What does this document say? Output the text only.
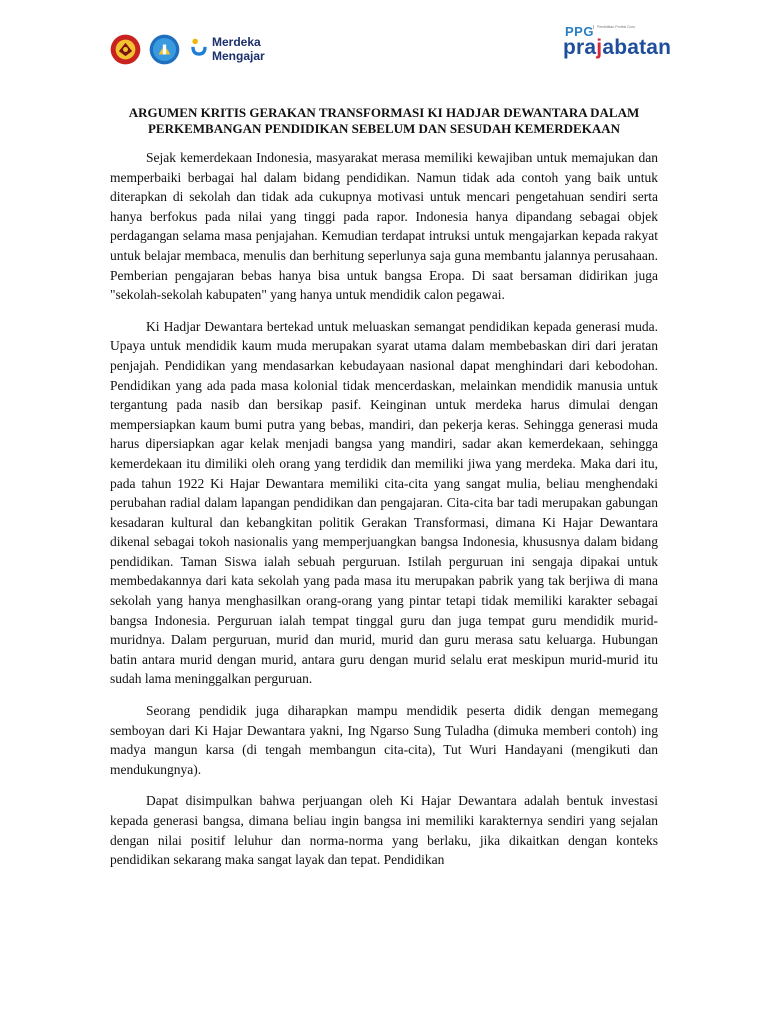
Merdeka
Mengajar
PPG Pendidikan Profesi Guru
prajabatan
ARGUMEN KRITIS GERAKAN TRANSFORMASI KI HADJAR DEWANTARA DALAM PERKEMBANGAN PENDIDIKAN SEBELUM DAN SESUDAH KEMERDEKAAN

Sejak kemerdekaan Indonesia, masyarakat merasa memiliki kewajiban untuk memajukan dan memperbaiki berbagai hal dalam bidang pendidikan. Namun tidak ada contoh yang baik untuk diterapkan di sekolah dan tidak ada cukupnya motivasi untuk mencari pengetahuan sendiri serta hanya berfokus pada nilai yang tinggi pada rapor. Indonesia hanya dipandang sebagai objek perdagangan selama masa penjajahan. Kemudian terdapat intruksi untuk mengajarkan kepada rakyat untuk belajar membaca, menulis dan berhitung seperlunya saja guna membantu jalannya perusahaan. Pemberian pengajaran bebas hanya bisa untuk bangsa Eropa. Di saat bersaman didirikan juga "sekolah-sekolah kabupaten" yang hanya untuk mendidik calon pegawai.

Ki Hadjar Dewantara bertekad untuk meluaskan semangat pendidikan kepada generasi muda. Upaya untuk mendidik kaum muda merupakan syarat utama dalam membebaskan diri dari jeratan penjajah. Pendidikan yang mendasarkan kebudayaan nasional dapat menghindari dari kebodohan. Pendidikan yang ada pada masa kolonial tidak mencerdaskan, melainkan mendidik manusia untuk tergantung pada nasib dan bersikap pasif. Keinginan untuk merdeka harus dimulai dengan mempersiapkan kaum bumi putra yang bebas, mandiri, dan pekerja keras. Sehingga generasi muda harus dipersiapkan agar kelak menjadi bangsa yang mandiri, sadar akan kemerdekaan, sehingga kemerdekaan itu dimiliki oleh orang yang terdidik dan memiliki jiwa yang merdeka. Maka dari itu, pada tahun 1922 Ki Hajar Dewantara memiliki cita-cita yang sangat mulia, beliau menghendaki perubahan radial dalam lapangan pendidikan dan pengajaran. Cita-cita bar tadi merupakan gabungan kesadaran kultural dan kebangkitan politik Gerakan Transformasi, dimana Ki Hajar Dewantara dikenal sebagai tokoh nasionalis yang memperjuangkan bangsa Indonesia, khususnya dalam bidang pendidikan. Taman Siswa ialah sebuah perguruan. Istilah perguruan ini sengaja dipakai untuk membedakannya dari kata sekolah yang pada masa itu merupakan pabrik yang tak berjiwa di mana sekolah yang hanya menghasilkan orang-orang yang pintar tetapi tidak memiliki karakter sebagai bangsa Indonesia. Perguruan ialah tempat tinggal guru dan juga tempat guru mendidik murid-muridnya. Dalam perguruan, murid dan murid, murid dan guru merasa satu keluarga. Hubungan batin antara murid dengan murid, antara guru dengan murid selalu erat meskipun murid-murid itu sudah lama meninggalkan perguruan.

Seorang pendidik juga diharapkan mampu mendidik peserta didik dengan memegang semboyan dari Ki Hajar Dewantara yakni, Ing Ngarso Sung Tuladha (dimuka memberi contoh) ing madya mangun karsa (di tengah membangun cita-cita), Tut Wuri Handayani (mengikuti dan mendukungnya).

Dapat disimpulkan bahwa perjuangan oleh Ki Hajar Dewantara adalah bentuk investasi kepada generasi bangsa, dimana beliau ingin bangsa ini memiliki karakternya sendiri yang sejalan dengan nilai positif leluhur dan norma-norma yang berlaku, jika dikaitkan dengan konteks pendidikan sekarang maka sangat layak dan tepat. Pendidikan
